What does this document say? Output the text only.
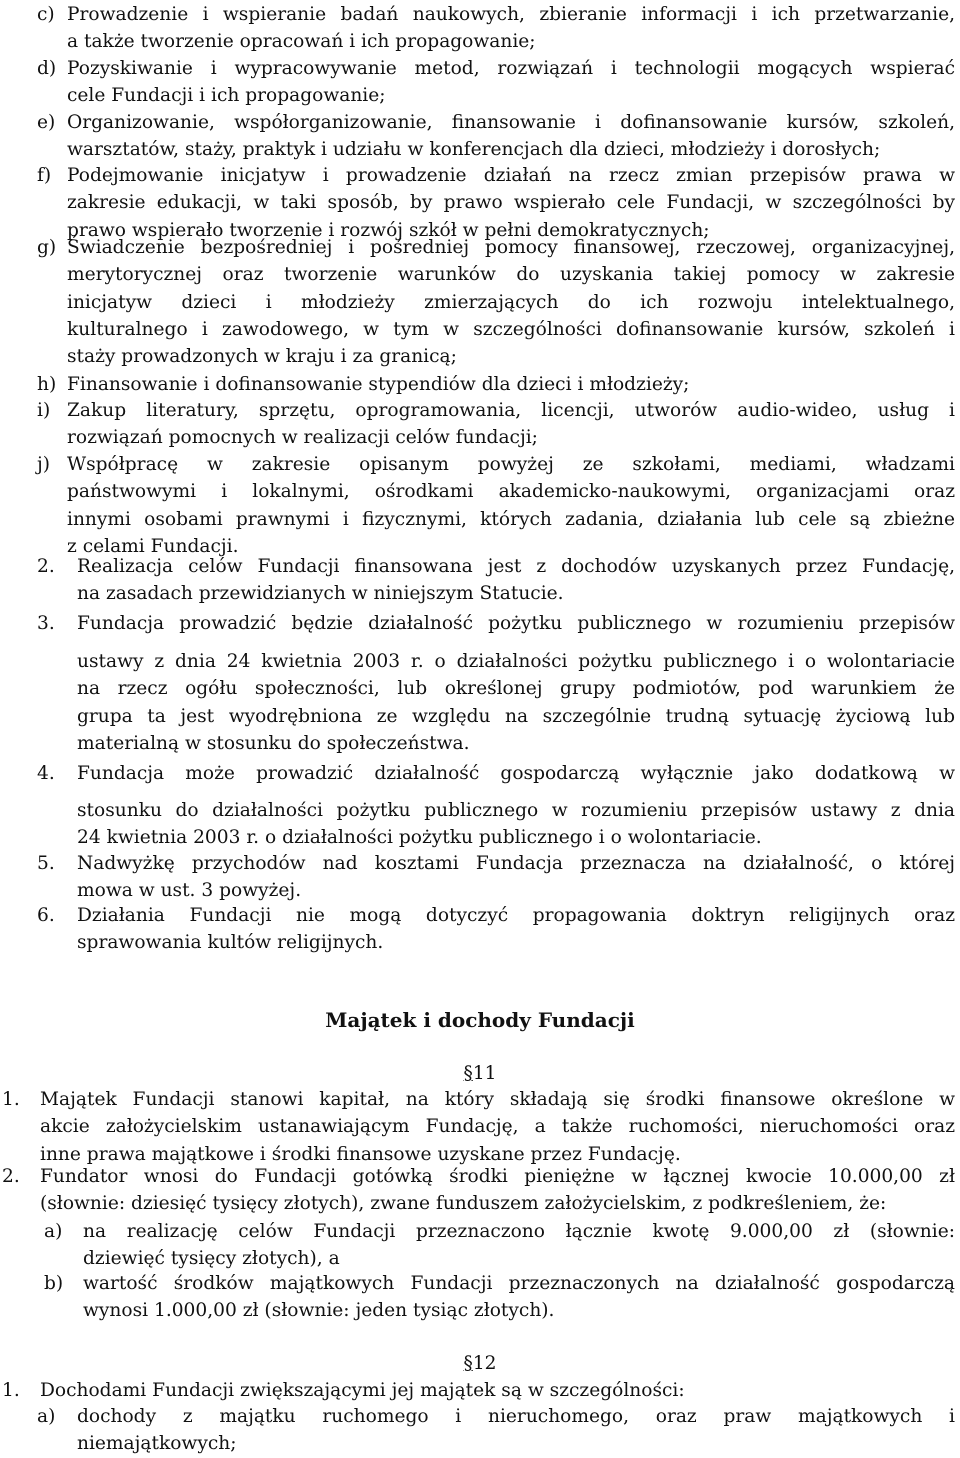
c) Prowadzenie i wspieranie badań naukowych, zbieranie informacji i ich przetwarzanie,
a także tworzenie opracowań i ich propagowanie;
d) Pozyskiwanie i wypracowywanie metod, rozwiązań i technologii mogących wspierać
cele Fundacji i ich propagowanie;
e) Organizowanie, współorganizowanie, finansowanie i dofinansowanie kursów, szkoleń,
warsztatów, staży, praktyk i udziału w konferencjach dla dzieci, młodzieży i dorosłych;
f) Podejmowanie inicjatyw i prowadzenie działań na rzecz zmian przepisów prawa w
zakresie edukacji, w taki sposób, by prawo wspierało cele Fundacji, w szczególności by
prawo wspierało tworzenie i rozwój szkół w pełni demokratycznych;
g) Świadczenie bezpośredniej i pośredniej pomocy finansowej, rzeczowej, organizacyjnej,
merytorycznej oraz tworzenie warunków do uzyskania takiej pomocy w zakresie
inicjatyw dzieci i młodzieży zmierzających do ich rozwoju intelektualnego,
kulturalnego i zawodowego, w tym w szczególności dofinansowanie kursów, szkoleń i
staży prowadzonych w kraju i za granicą;
h) Finansowanie i dofinansowanie stypendiów dla dzieci i młodzieży;
i) Zakup literatury, sprzętu, oprogramowania, licencji, utworów audio-wideo, usług i
rozwiązań pomocnych w realizacji celów fundacji;
j) Współpracę w zakresie opisanym powyżej ze szkołami, mediami, władzami
państwowymi i lokalnymi, ośrodkami akademicko-naukowymi, organizacjami oraz
innymi osobami prawnymi i fizycznymi, których zadania, działania lub cele są zbieżne
z celami Fundacji.
2. Realizacja celów Fundacji finansowana jest z dochodów uzyskanych przez Fundację,
na zasadach przewidzianych w niniejszym Statucie.
3. Fundacja prowadzić będzie działalność pożytku publicznego w rozumieniu przepisów
ustawy z dnia 24 kwietnia 2003 r. o działalności pożytku publicznego i o wolontariacie
na rzecz ogółu społeczności, lub określonej grupy podmiotów, pod warunkiem że
grupa ta jest wyodrębniona ze względu na szczególnie trudną sytuację życiową lub
materialną w stosunku do społeczeństwa.
4. Fundacja może prowadzić działalność gospodarczą wyłącznie jako dodatkową w
stosunku do działalności pożytku publicznego w rozumieniu przepisów ustawy z dnia
24 kwietnia 2003 r. o działalności pożytku publicznego i o wolontariacie.
5. Nadwyżkę przychodów nad kosztami Fundacja przeznacza na działalność, o której
mowa w ust. 3 powyżej.
6. Działania Fundacji nie mogą dotyczyć propagowania doktryn religijnych oraz
sprawowania kultów religijnych.
Majątek i dochody Fundacji
§11
1. Majątek Fundacji stanowi kapitał, na który składają się środki finansowe określone w
akcie założycielskim ustanawiającym Fundację, a także ruchomości, nieruchomości oraz
inne prawa majątkowe i środki finansowe uzyskane przez Fundację.
2. Fundator wnosi do Fundacji gotówką środki pieniężne w łącznej kwocie 10.000,00 zł
(słownie: dziesięć tysięcy złotych), zwane funduszem założycielskim, z podkreśleniem, że:
a) na realizację celów Fundacji przeznaczono łącznie kwotę 9.000,00 zł (słownie:
dziewięć tysięcy złotych), a
b) wartość środków majątkowych Fundacji przeznaczonych na działalność gospodarczą
wynosi 1.000,00 zł (słownie: jeden tysiąc złotych).
§12
1. Dochodami Fundacji zwiększającymi jej majątek są w szczególności:
a) dochody z majątku ruchomego i nieruchomego, oraz praw majątkowych i
niemajątkowych;
